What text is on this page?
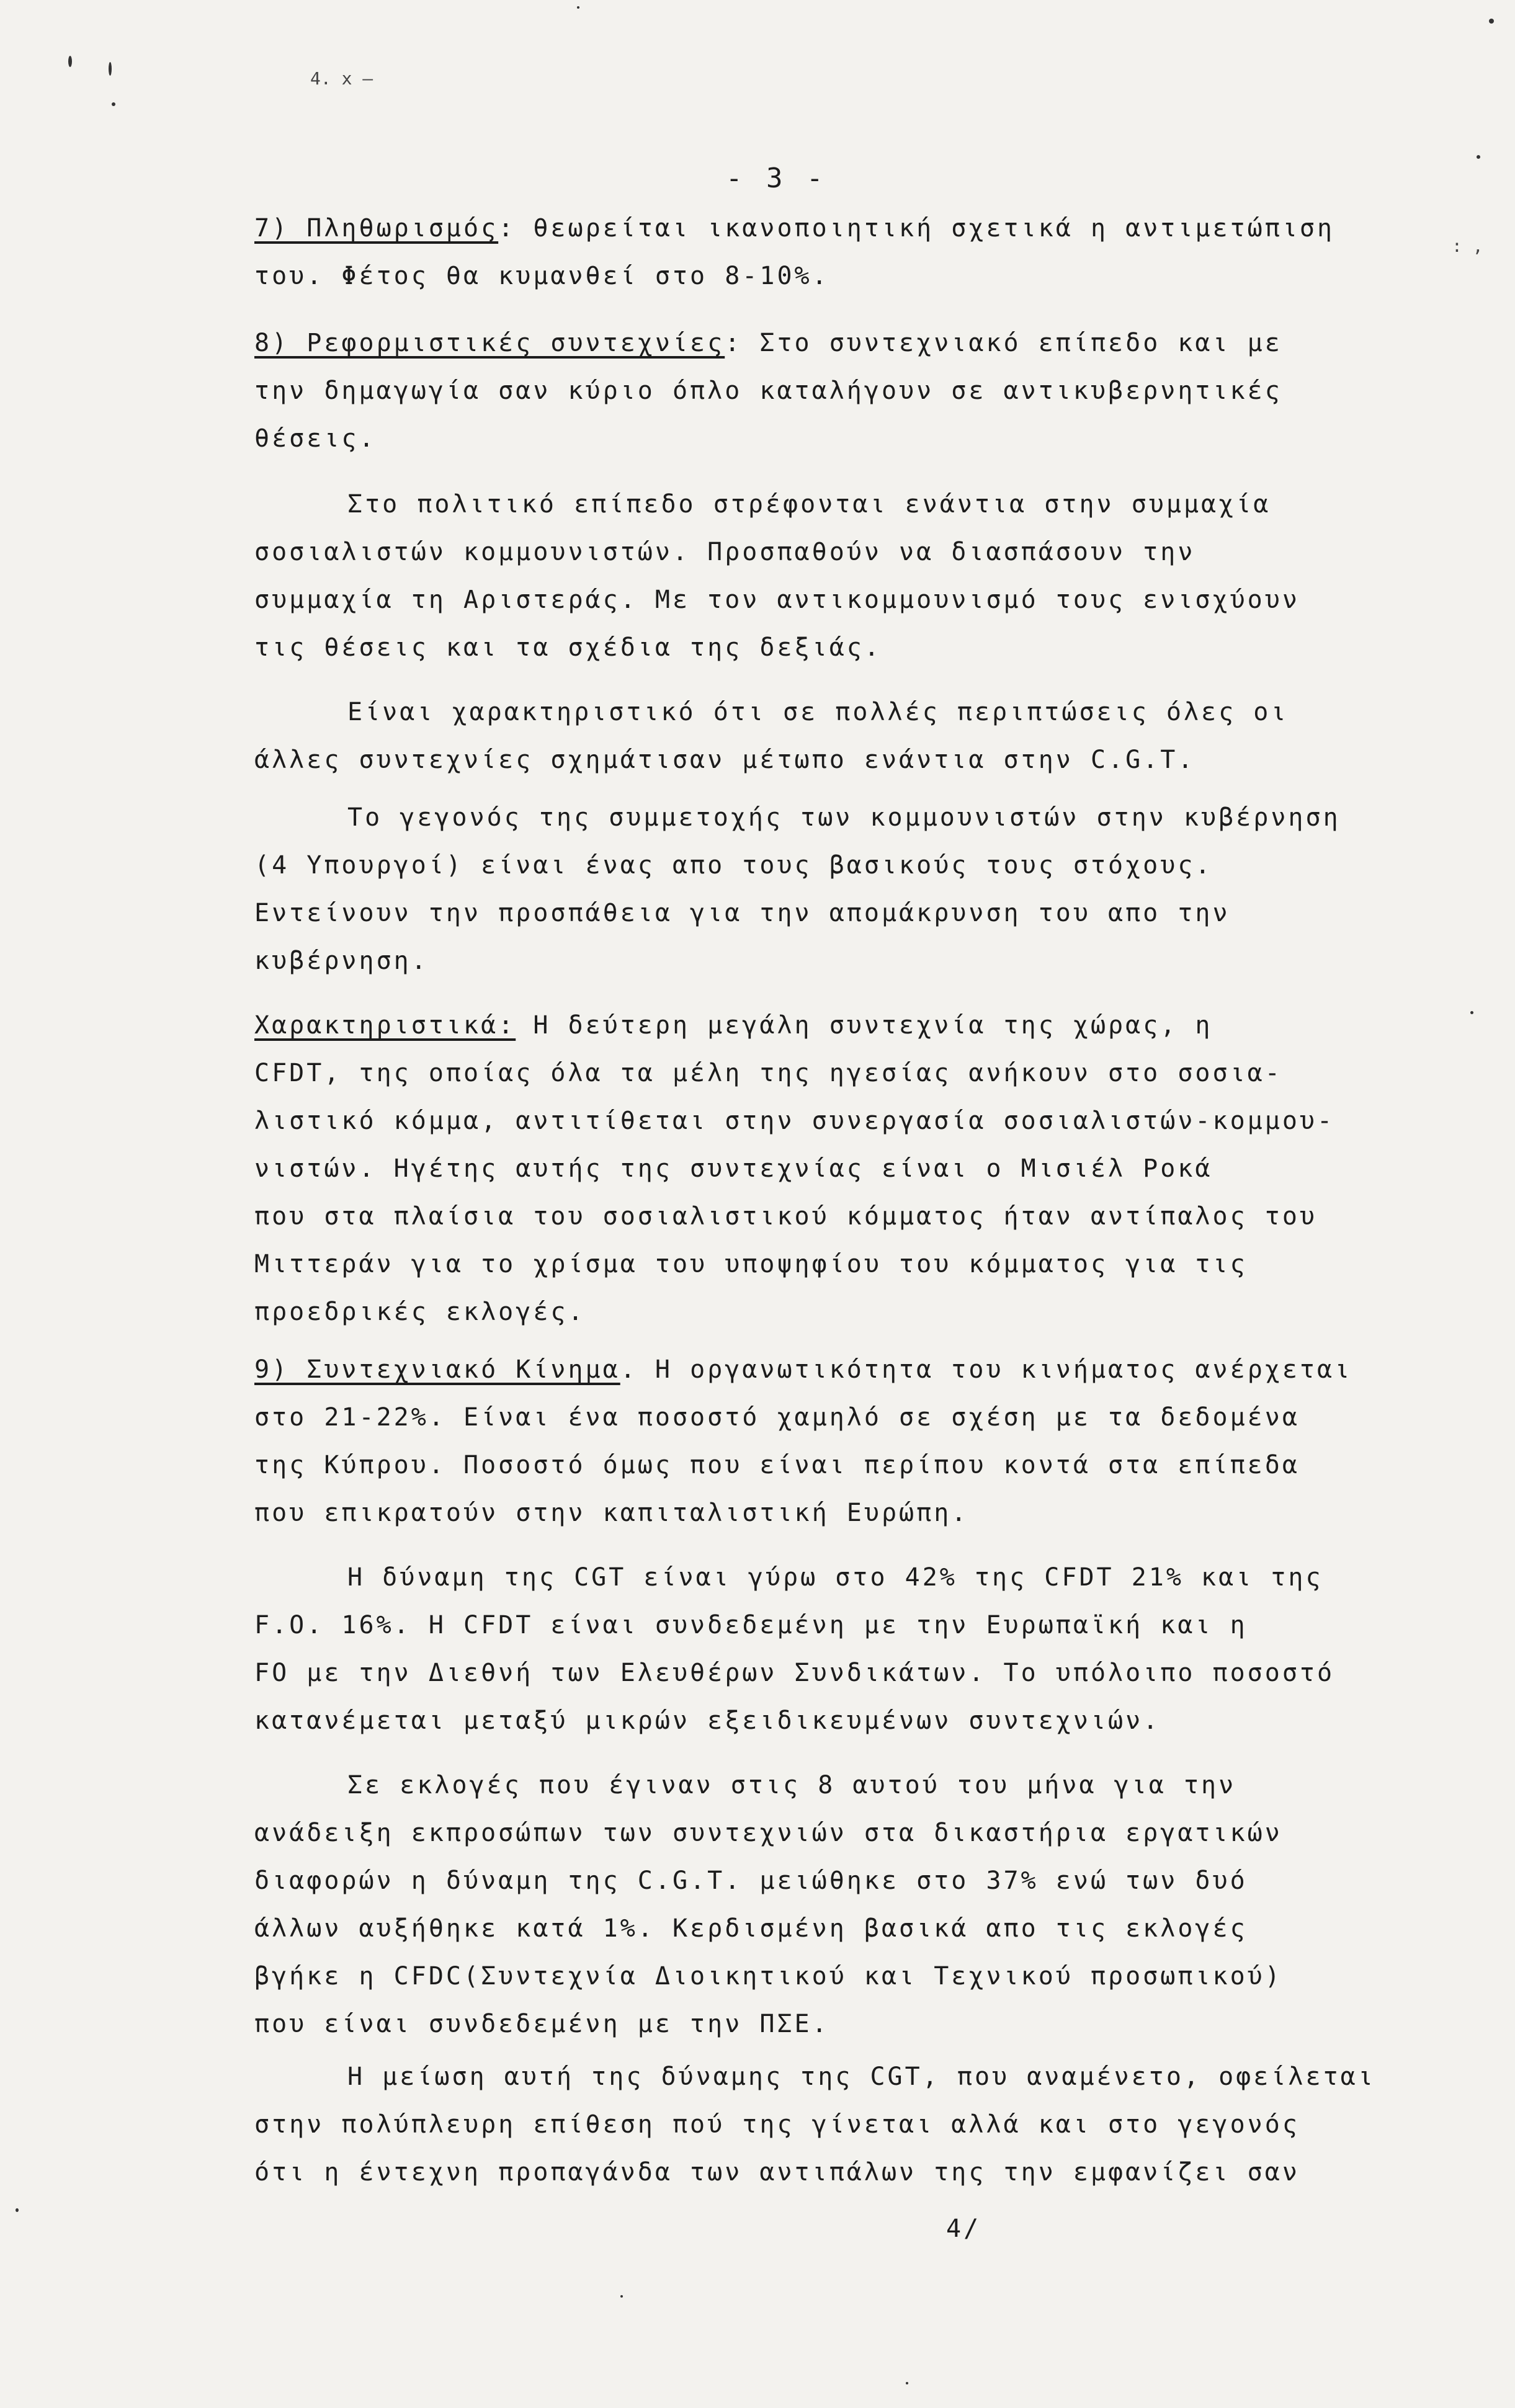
4. x —
: ,
- 3 -
7) Πληθωρισμός: θεωρείται ικανοποιητική σχετικά η αντιμετώπιση
του. Φέτος θα κυμανθεί στο 8-10%.
8) Ρεφορμιστικές συντεχνίες: Στο συντεχνιακό επίπεδο και με
την δημαγωγία σαν κύριο όπλο καταλήγουν σε αντικυβερνητικές
θέσεις.
Στο πολιτικό επίπεδο στρέφονται ενάντια στην συμμαχία
σοσιαλιστών κομμουνιστών. Προσπαθούν να διασπάσουν την
συμμαχία τη Αριστεράς. Με τον αντικομμουνισμό τους ενισχύουν
τις θέσεις και τα σχέδια της δεξιάς.
Είναι χαρακτηριστικό ότι σε πολλές περιπτώσεις όλες οι
άλλες συντεχνίες σχημάτισαν μέτωπο ενάντια στην C.G.T.
Το γεγονός της συμμετοχής των κομμουνιστών στην κυβέρνηση
(4 Υπουργοί) είναι ένας απο τους βασικούς τους στόχους.
Εντείνουν την προσπάθεια για την απομάκρυνση του απο την
κυβέρνηση.
Χαρακτηριστικά: Η δεύτερη μεγάλη συντεχνία της χώρας, η
CFDT, της οποίας όλα τα μέλη της ηγεσίας ανήκουν στο σοσια-
λιστικό κόμμα, αντιτίθεται στην συνεργασία σοσιαλιστών-κομμου-
νιστών. Ηγέτης αυτής της συντεχνίας είναι ο Μισιέλ Ροκά
που στα πλαίσια του σοσιαλιστικού κόμματος ήταν αντίπαλος του
Μιττεράν για το χρίσμα του υποψηφίου του κόμματος για τις
προεδρικές εκλογές.
9) Συντεχνιακό Κίνημα. Η οργανωτικότητα του κινήματος ανέρχεται
στο 21-22%. Είναι ένα ποσοστό χαμηλό σε σχέση με τα δεδομένα
της Κύπρου. Ποσοστό όμως που είναι περίπου κοντά στα επίπεδα
που επικρατούν στην καπιταλιστική Ευρώπη.
Η δύναμη της CGT είναι γύρω στο 42% της CFDT 21% και της
F.O. 16%. Η CFDT είναι συνδεδεμένη με την Ευρωπαϊκή και η
FO με την Διεθνή των Ελευθέρων Συνδικάτων. Το υπόλοιπο ποσοστό
κατανέμεται μεταξύ μικρών εξειδικευμένων συντεχνιών.
Σε εκλογές που έγιναν στις 8 αυτού του μήνα για την
ανάδειξη εκπροσώπων των συντεχνιών στα δικαστήρια εργατικών
διαφορών η δύναμη της C.G.T. μειώθηκε στο 37% ενώ των δυό
άλλων αυξήθηκε κατά 1%. Κερδισμένη βασικά απο τις εκλογές
βγήκε η CFDC(Συντεχνία Διοικητικού και Τεχνικού προσωπικού)
που είναι συνδεδεμένη με την ΠΣΕ.
Η μείωση αυτή της δύναμης της CGT, που αναμένετο, οφείλεται
στην πολύπλευρη επίθεση πού της γίνεται αλλά και στο γεγονός
ότι η έντεχνη προπαγάνδα των αντιπάλων της την εμφανίζει σαν
4/
